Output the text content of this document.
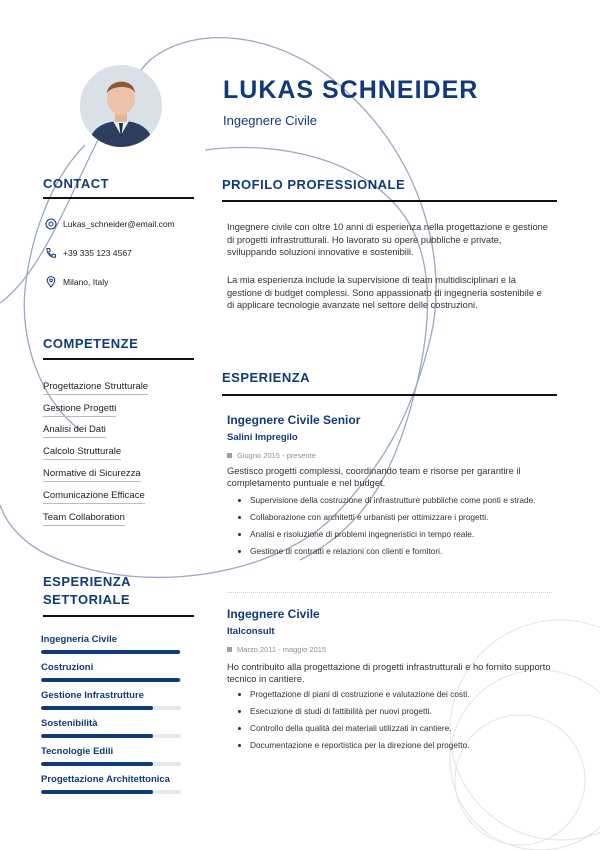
LUKAS SCHNEIDER
Ingegnere Civile
CONTACT
Lukas_schneider@email.com
+39 335 123 4567
Milano, Italy
COMPETENZE
Progettazione Strutturale
Gestione Progetti
Analisi dei Dati
Calcolo Strutturale
Normative di Sicurezza
Comunicazione Efficace
Team Collaboration
ESPERIENZA
SETTORIALE
Ingegneria Civile
Costruzioni
Gestione Infrastrutture
Sostenibilità
Tecnologie Edili
Progettazione Architettonica
PROFILO PROFESSIONALE
Ingegnere civile con oltre 10 anni di esperienza nella progettazione e gestione di progetti infrastrutturali. Ho lavorato su opere pubbliche e private, sviluppando soluzioni innovative e sostenibili.
La mia esperienza include la supervisione di team multidisciplinari e la gestione di budget complessi. Sono appassionato di ingegneria sostenibile e di applicare tecnologie avanzate nel settore delle costruzioni.
ESPERIENZA
Ingegnere Civile Senior
Salini Impregilo
Giugno 2015 - presente
Gestisco progetti complessi, coordinando team e risorse per garantire il completamento puntuale e nel budget.
• Supervisione della costruzione di infrastrutture pubbliche come ponti e strade.
• Collaborazione con architetti e urbanisti per ottimizzare i progetti.
• Analisi e risoluzione di problemi ingegneristici in tempo reale.
• Gestione di contratti e relazioni con clienti e fornitori.
Ingegnere Civile
Italconsult
Marzo 2011 - maggio 2015
Ho contribuito alla progettazione di progetti infrastrutturali e ho fornito supporto tecnico in cantiere.
• Progettazione di piani di costruzione e valutazione dei costi.
• Esecuzione di studi di fattibilità per nuovi progetti.
• Controllo della qualità dei materiali utilizzati in cantiere.
• Documentazione e reportistica per la direzione del progetto.
